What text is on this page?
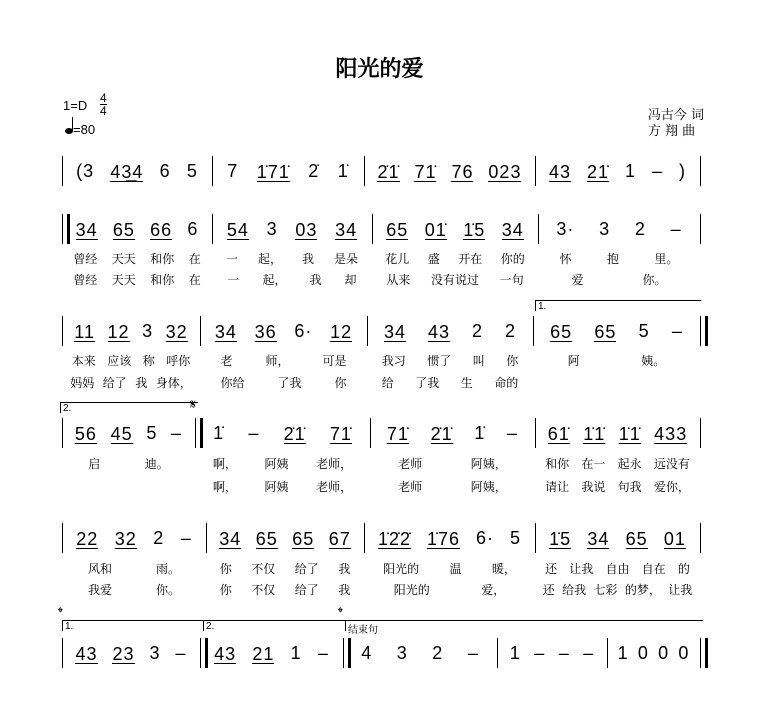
阳光的爱
1=D 4
4
=80
冯古今 词
方 翔 曲
(3 43̲4 6 5 7 1̇71̇ 2̇ 1̇ 2̇1̇ 71̇ 76 023 43 21̇ 1 – )
34 65 66 6 54 3 03 34 65 01̇ 1̇5 34 3· 3 2 –
曾经 天天 和你 在 一 起， 我 是朵 花儿 盛 开在 你的	怀	抱	里。
曾经 天天 和你 在 一 起， 我 却 从来 没有说过 一句	爱	你。
11 12 3 32 34 36 6· 12 34 43 2 2 65 65 5 –
本来 应该 称 呼你	老	师，	可是	我习 惯了 叫 你	阿	姨。
妈妈 给了 我 身体， 你给	了我	你	给 了我 生 命的
56 45 5 – 1̇ – 2̇1̇ 71̇ 71̇ 2̇1̇ 1̇ – 61̇ 1̇1̇ 1̇1̇ 433
启	迪。	啊， 阿姨 老师，	老师	阿姨，	和你 在一 起永 远没有
啊， 阿姨 老师，	老师	阿姨，	请让 我说 句我 爱你，
22 32 2 – 34 65 65 67 1̇2̇2̇ 1̇76 6· 5 1̇5 34 65 01
风和	雨。	你 不仅 给了 我	阳光的	温	暖， 还 让我 自由 自在 的
我爱	你。	你 不仅 给了 我	阳光的	爱，	还 给我 七彩 的梦， 让我
43 23 3 – 43 21 1 – 4 3 2 – 1 – – – 1 0 0 0
1.
2.
1.	2.	结束句
𝄋
𝄌	𝄌
